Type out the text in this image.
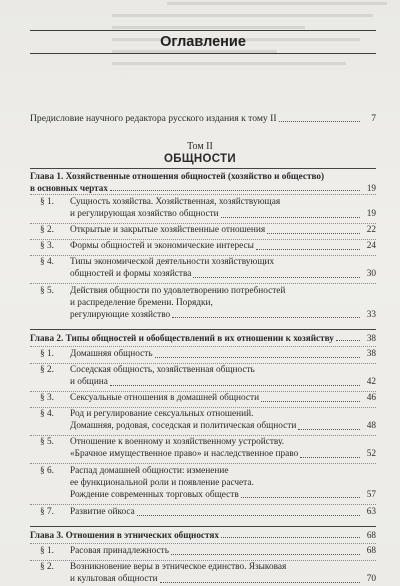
Оглавление
Предисловие научного редактора русского издания к тому II	7
Том II
ОБЩНОСТИ
Глава 1. Хозяйственные отношения общностей (хозяйство и общество)
в основных чертах	19
§ 1.	Сущность хозяйства. Хозяйственная, хозяйствующая
и регулирующая хозяйство общности	19
§ 2.	Открытые и закрытые хозяйственные отношения	22
§ 3.	Формы общностей и экономические интересы	24
§ 4.	Типы экономической деятельности хозяйствующих
общностей и формы хозяйства	30
§ 5.	Действия общности по удовлетворению потребностей
и распределение бремени. Порядки,
регулирующие хозяйство	33
Глава 2. Типы общностей и обобществлений в их отношении к хозяйству	38
§ 1.	Домашняя общность	38
§ 2.	Соседская общность, хозяйственная общность
и община	42
§ 3.	Сексуальные отношения в домашней общности	46
§ 4.	Род и регулирование сексуальных отношений.
Домашняя, родовая, соседская и политическая общности	48
§ 5.	Отношение к военному и хозяйственному устройству.
«Брачное имущественное право» и наследственное право	52
§ 6.	Распад домашней общности: изменение
ее функциональной роли и появление расчета.
Рождение современных торговых обществ	57
§ 7.	Развитие ойкоса	63
Глава 3. Отношения в этнических общностях	68
§ 1.	Расовая принадлежность	68
§ 2.	Возникновение веры в этническое единство. Языковая
и культовая общности	70
